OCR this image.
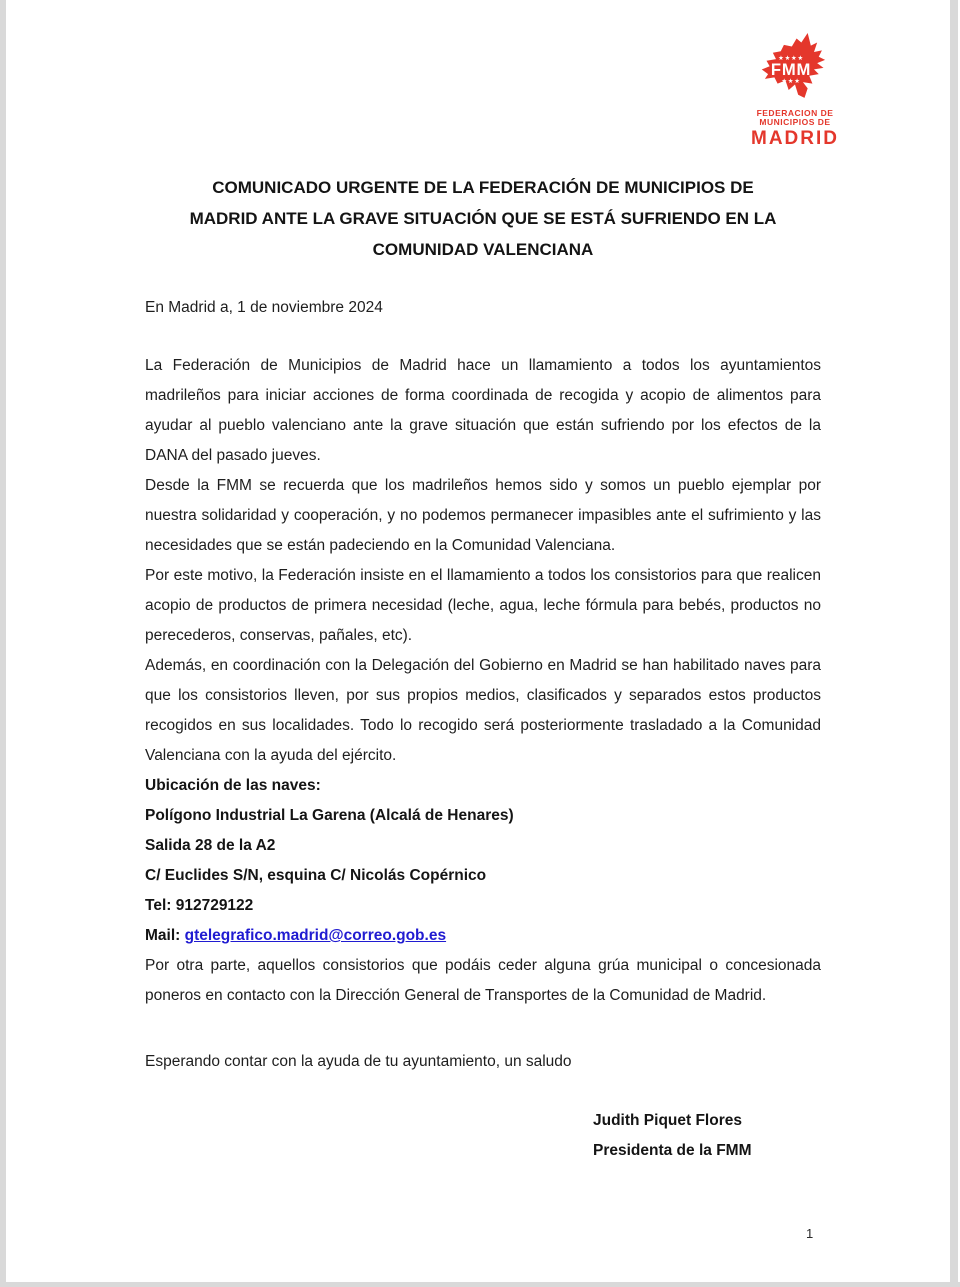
★★★★
FMM
★★★
FEDERACION DE
MUNICIPIOS DE
MADRID
COMUNICADO URGENTE DE LA FEDERACIÓN DE MUNICIPIOS DE
MADRID ANTE LA GRAVE SITUACIÓN QUE SE ESTÁ SUFRIENDO EN LA
COMUNIDAD VALENCIANA

En Madrid a, 1 de noviembre 2024

La Federación de Municipios de Madrid hace un llamamiento a todos los ayuntamientos madrileños para iniciar acciones de forma coordinada de recogida y acopio de alimentos para ayudar al pueblo valenciano ante la grave situación que están sufriendo por los efectos de la DANA del pasado jueves.

Desde la FMM se recuerda que los madrileños hemos sido y somos un pueblo ejemplar por nuestra solidaridad y cooperación, y no podemos permanecer impasibles ante el sufrimiento y las necesidades que se están padeciendo en la Comunidad Valenciana.

Por este motivo, la Federación insiste en el llamamiento a todos los consistorios para que realicen acopio de productos de primera necesidad (leche, agua, leche fórmula para bebés, productos no perecederos, conservas, pañales, etc).

Además, en coordinación con la Delegación del Gobierno en Madrid se han habilitado naves para que los consistorios lleven, por sus propios medios, clasificados y separados estos productos recogidos en sus localidades. Todo lo recogido será posteriormente trasladado a la Comunidad Valenciana con la ayuda del ejército.

Ubicación de las naves:

Polígono Industrial La Garena (Alcalá de Henares)

Salida 28 de la A2

C/ Euclides S/N, esquina C/ Nicolás Copérnico

Tel: 912729122

Mail: gtelegrafico.madrid@correo.gob.es

Por otra parte, aquellos consistorios que podáis ceder alguna grúa municipal o concesionada poneros en contacto con la Dirección General de Transportes de la Comunidad de Madrid.

Esperando contar con la ayuda de tu ayuntamiento, un saludo

Judith Piquet Flores

Presidenta de la FMM

1
